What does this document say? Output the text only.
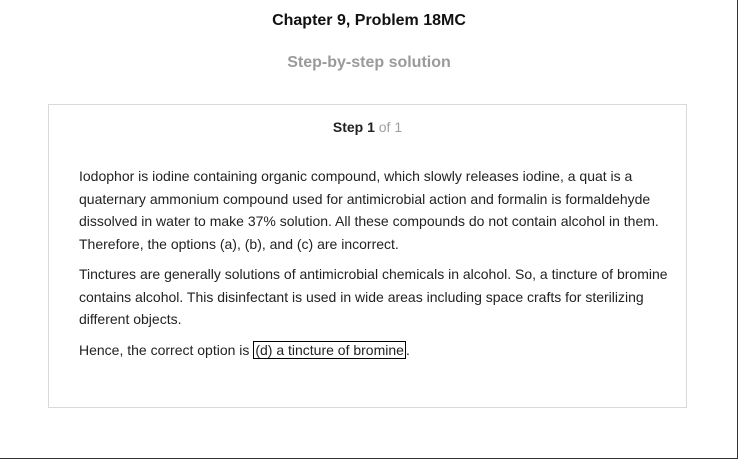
Chapter 9, Problem 18MC
Step-by-step solution
Step 1 of 1

Iodophor is iodine containing organic compound, which slowly releases iodine, a quat is a quaternary ammonium compound used for antimicrobial action and formalin is formaldehyde dissolved in water to make 37% solution. All these compounds do not contain alcohol in them. Therefore, the options (a), (b), and (c) are incorrect.

Tinctures are generally solutions of antimicrobial chemicals in alcohol. So, a tincture of bromine contains alcohol. This disinfectant is used in wide areas including space crafts for sterilizing different objects.

Hence, the correct option is (d) a tincture of bromine .
